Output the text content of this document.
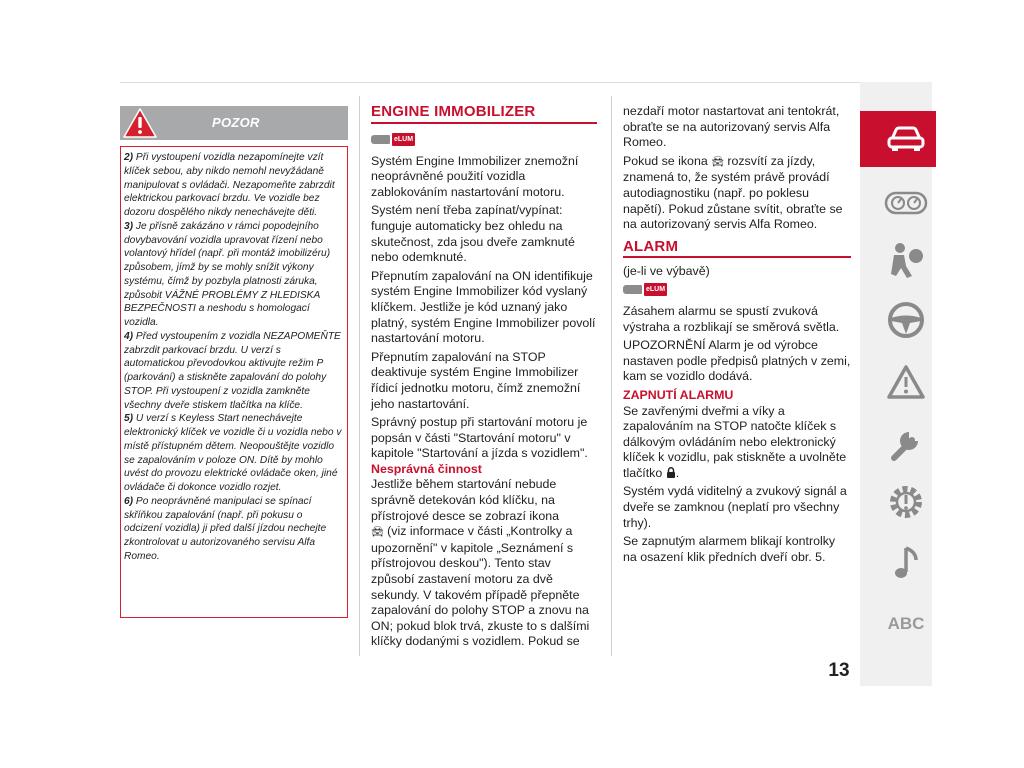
POZOR

2) Při vystoupení vozidla nezapomínejte vzít klíček sebou, aby nikdo nemohl nevyžádaně manipulovat s ovládači. Nezapomeňte zabrzdit elektrickou parkovací brzdu. Ve vozidle bez dozoru dospělého nikdy nenechávejte děti.

3) Je přísně zakázáno v rámci popodejního dovybavování vozidla upravovat řízení nebo volantový hřídel (např. při montáž imobilizéru) způsobem, jímž by se mohly snížit výkony systému, čímž by pozbyla platnosti záruka, způsobit VÁŽNÉ PROBLÉMY Z HLEDISKA BEZPEČNOSTI a neshodu s homologací vozidla.

4) Před vystoupením z vozidla NEZAPOMEŇTE zabrzdit parkovací brzdu. U verzí s automatickou převodovkou aktivujte režim P (parkování) a stiskněte zapalování do polohy STOP. Při vystoupení z vozidla zamkněte všechny dveře stiskem tlačítka na klíče.

5) U verzí s Keyless Start nenechávejte elektronický klíček ve vozidle či u vozidla nebo v místě přístupném dětem. Neopouštějte vozidlo se zapalováním v poloze ON. Dítě by mohlo uvést do provozu elektrické ovládače oken, jiné ovládače či dokonce vozidlo rozjet.

6) Po neoprávněné manipulaci se spínací skříňkou zapalování (např. při pokusu o odcizení vozidla) ji před další jízdou nechejte zkontrolovat u autorizovaného servisu Alfa Romeo.

ENGINE IMMOBILIZER
eLUM
Systém Engine Immobilizer znemožní neoprávněné použití vozidla zablokováním nastartování motoru.
Systém není třeba zapínat/vypínat: funguje automaticky bez ohledu na skutečnost, zda jsou dveře zamknuté nebo odemknuté.
Přepnutím zapalování na ON identifikuje systém Engine Immobilizer kód vyslaný klíčkem. Jestliže je kód uznaný jako platný, systém Engine Immobilizer povolí nastartování motoru.
Přepnutím zapalování na STOP deaktivuje systém Engine Immobilizer řídicí jednotku motoru, čímž znemožní jeho nastartování.
Správný postup při startování motoru je popsán v části "Startování motoru" v kapitole "Startování a jízda s vozidlem".
Nesprávná činnost
Jestliže během startování nebude správně detekován kód klíčku, na přístrojové desce se zobrazí ikona
🚘︎ (viz informace v části „Kontrolky a upozornění" v kapitole „Seznámení s přístrojovou deskou"). Tento stav způsobí zastavení motoru za dvě sekundy. V takovém případě přepněte zapalování do polohy STOP a znovu na ON; pokud blok trvá, zkuste to s dalšími klíčky dodanými s vozidlem. Pokud se
nezdaří motor nastartovat ani tentokrát, obraťte se na autorizovaný servis Alfa Romeo.
Pokud se ikona 🚘︎ rozsvítí za jízdy, znamená to, že systém právě provádí autodiagnostiku (např. po poklesu napětí). Pokud zůstane svítit, obraťte se na autorizovaný servis Alfa Romeo.
ALARM
(je-li ve výbavě)
eLUM
Zásahem alarmu se spustí zvuková výstraha a rozblikají se směrová světla.
UPOZORNĚNÍ Alarm je od výrobce nastaven podle předpisů platných v zemi, kam se vozidlo dodává.
ZAPNUTÍ ALARMU
Se zavřenými dveřmi a víky a zapalováním na STOP natočte klíček s dálkovým ovládáním nebo elektronický klíček k vozidlu, pak stiskněte a uvolněte tlačítko .
Systém vydá viditelný a zvukový signál a dveře se zamknou (neplatí pro všechny trhy).
Se zapnutým alarmem blikají kontrolky na osazení klik předních dveří obr. 5.
ABC
13
